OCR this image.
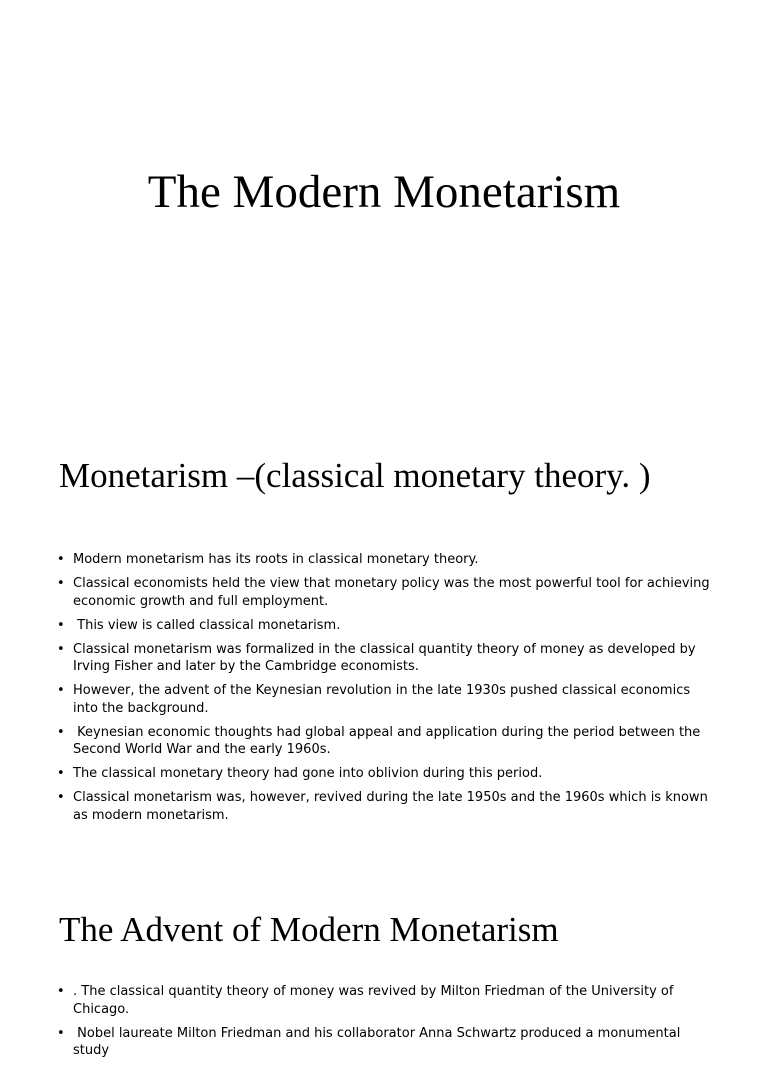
The Modern Monetarism
Monetarism –(classical monetary theory. )
• Modern monetarism has its roots in classical monetary theory.
• Classical economists held the view that monetary policy was the most powerful tool for achieving economic growth and full employment.
• This view is called classical monetarism.
• Classical monetarism was formalized in the classical quantity theory of money as developed by Irving Fisher and later by the Cambridge economists.
• However, the advent of the Keynesian revolution in the late 1930s pushed classical economics into the background.
• Keynesian economic thoughts had global appeal and application during the period between the Second World War and the early 1960s.
• The classical monetary theory had gone into oblivion during this period.
• Classical monetarism was, however, revived during the late 1950s and the 1960s which is known as modern monetarism.
The Advent of Modern Monetarism
• . The classical quantity theory of money was revived by Milton Friedman of the University of Chicago.
• Nobel laureate Milton Friedman and his collaborator Anna Schwartz produced a monumental study
